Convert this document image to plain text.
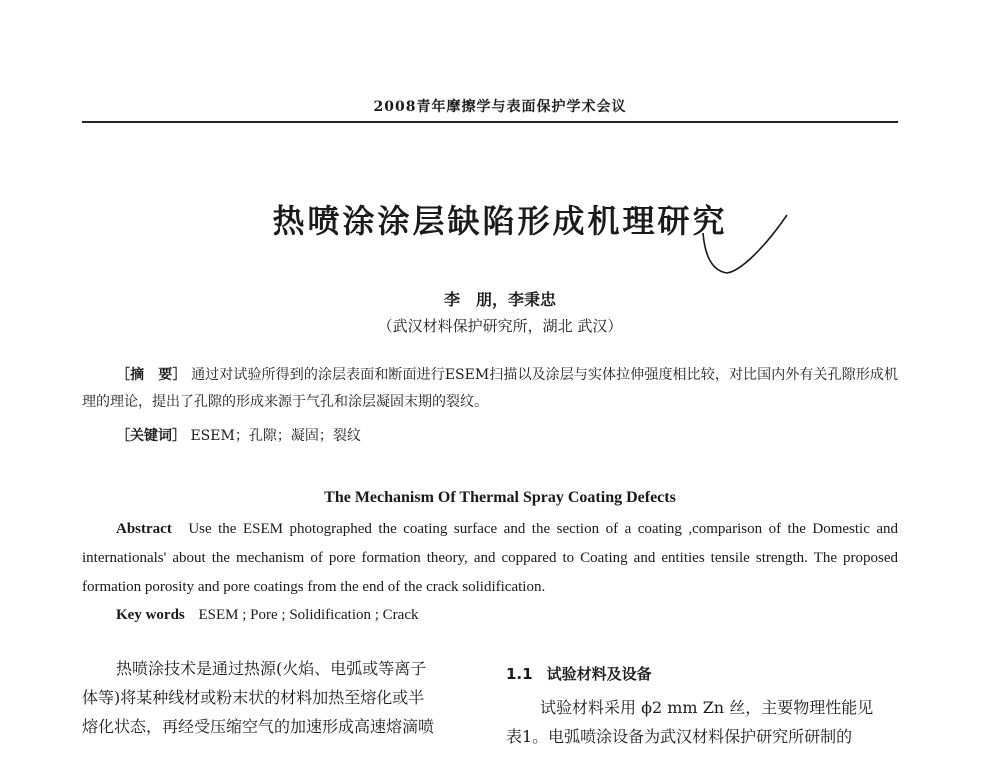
2008青年摩擦学与表面保护学术会议
热喷涂涂层缺陷形成机理研究
李　朋，李秉忠
（武汉材料保护研究所，湖北 武汉）
［摘　要］ 通过对试验所得到的涂层表面和断面进行ESEM扫描以及涂层与实体拉伸强度相比较，对比国内外有关孔隙形成机理的理论，提出了孔隙的形成来源于气孔和涂层凝固末期的裂纹。
［关键词］ ESEM；孔隙；凝固；裂纹
The Mechanism Of Thermal Spray Coating Defects
Abstract Use the ESEM photographed the coating surface and the section of a coating ,comparison of the Domestic and internationals' about the mechanism of pore formation theory, and coppared to Coating and entities tensile strength. The proposed formation porosity and pore coatings from the end of the crack solidification.
Key words ESEM ; Pore ; Solidification ; Crack
热喷涂技术是通过热源(火焰、电弧或等离子
体等)将某种线材或粉末状的材料加热至熔化或半
熔化状态，再经受压缩空气的加速形成高速熔滴喷
1.1 试验材料及设备
试验材料采用 ϕ2 mm Zn 丝，主要物理性能见
表1。电弧喷涂设备为武汉材料保护研究所研制的
